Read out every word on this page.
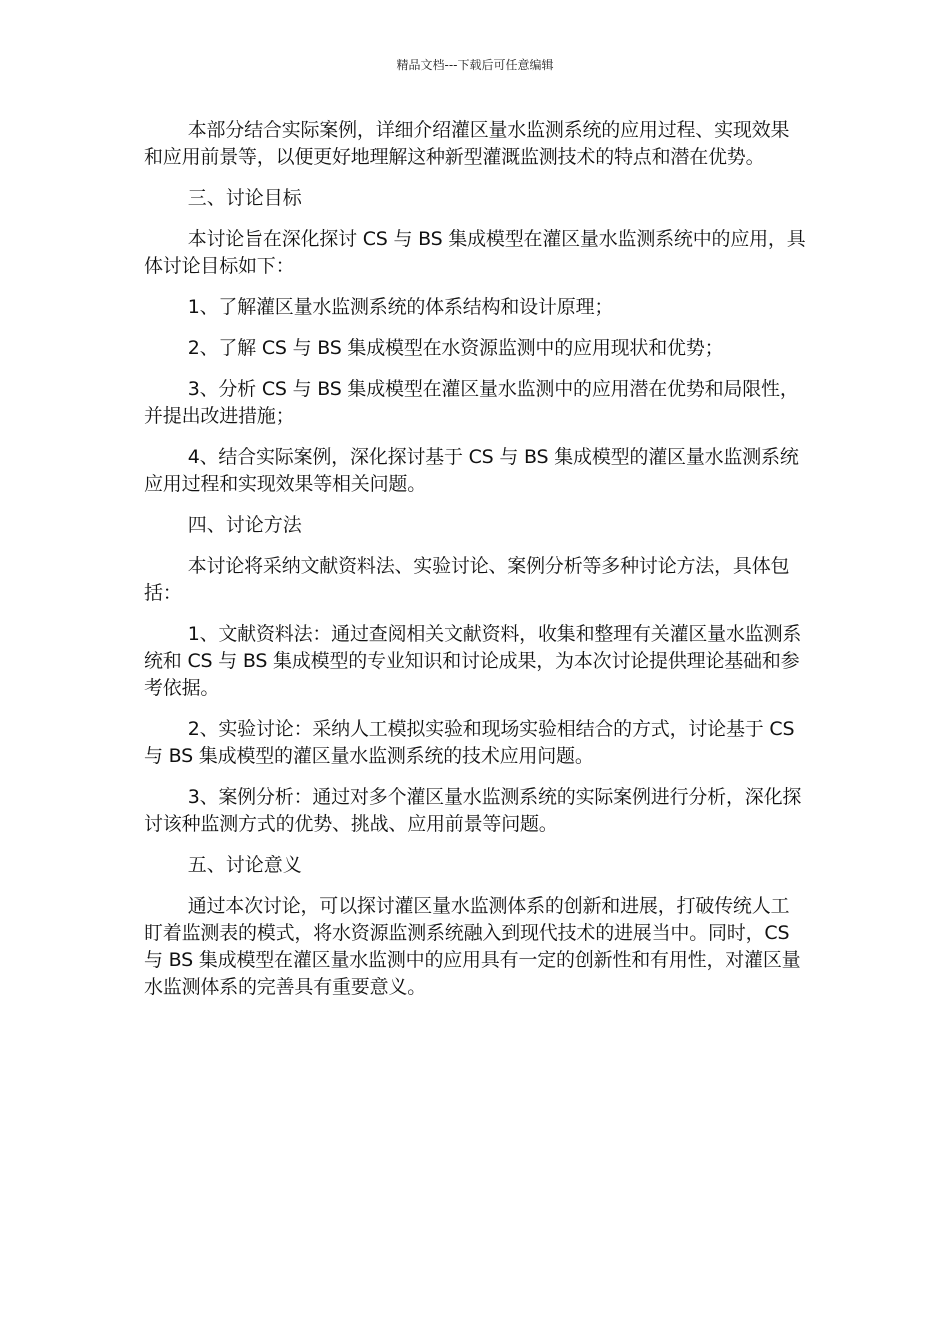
精品文档---下载后可任意编辑

本部分结合实际案例，详细介绍灌区量水监测系统的应用过程、实现效果和应用前景等，以便更好地理解这种新型灌溉监测技术的特点和潜在优势。

三、讨论目标

本讨论旨在深化探讨 CS 与 BS 集成模型在灌区量水监测系统中的应用，具体讨论目标如下：

1、了解灌区量水监测系统的体系结构和设计原理；

2、了解 CS 与 BS 集成模型在水资源监测中的应用现状和优势；

3、分析 CS 与 BS 集成模型在灌区量水监测中的应用潜在优势和局限性，并提出改进措施；

4、结合实际案例，深化探讨基于 CS 与 BS 集成模型的灌区量水监测系统应用过程和实现效果等相关问题。

四、讨论方法

本讨论将采纳文献资料法、实验讨论、案例分析等多种讨论方法，具体包括：

1、文献资料法：通过查阅相关文献资料，收集和整理有关灌区量水监测系统和 CS 与 BS 集成模型的专业知识和讨论成果，为本次讨论提供理论基础和参考依据。

2、实验讨论：采纳人工模拟实验和现场实验相结合的方式，讨论基于 CS 与 BS 集成模型的灌区量水监测系统的技术应用问题。

3、案例分析：通过对多个灌区量水监测系统的实际案例进行分析，深化探讨该种监测方式的优势、挑战、应用前景等问题。

五、讨论意义

通过本次讨论，可以探讨灌区量水监测体系的创新和进展，打破传统人工盯着监测表的模式，将水资源监测系统融入到现代技术的进展当中。同时，CS 与 BS 集成模型在灌区量水监测中的应用具有一定的创新性和有用性，对灌区量水监测体系的完善具有重要意义。
